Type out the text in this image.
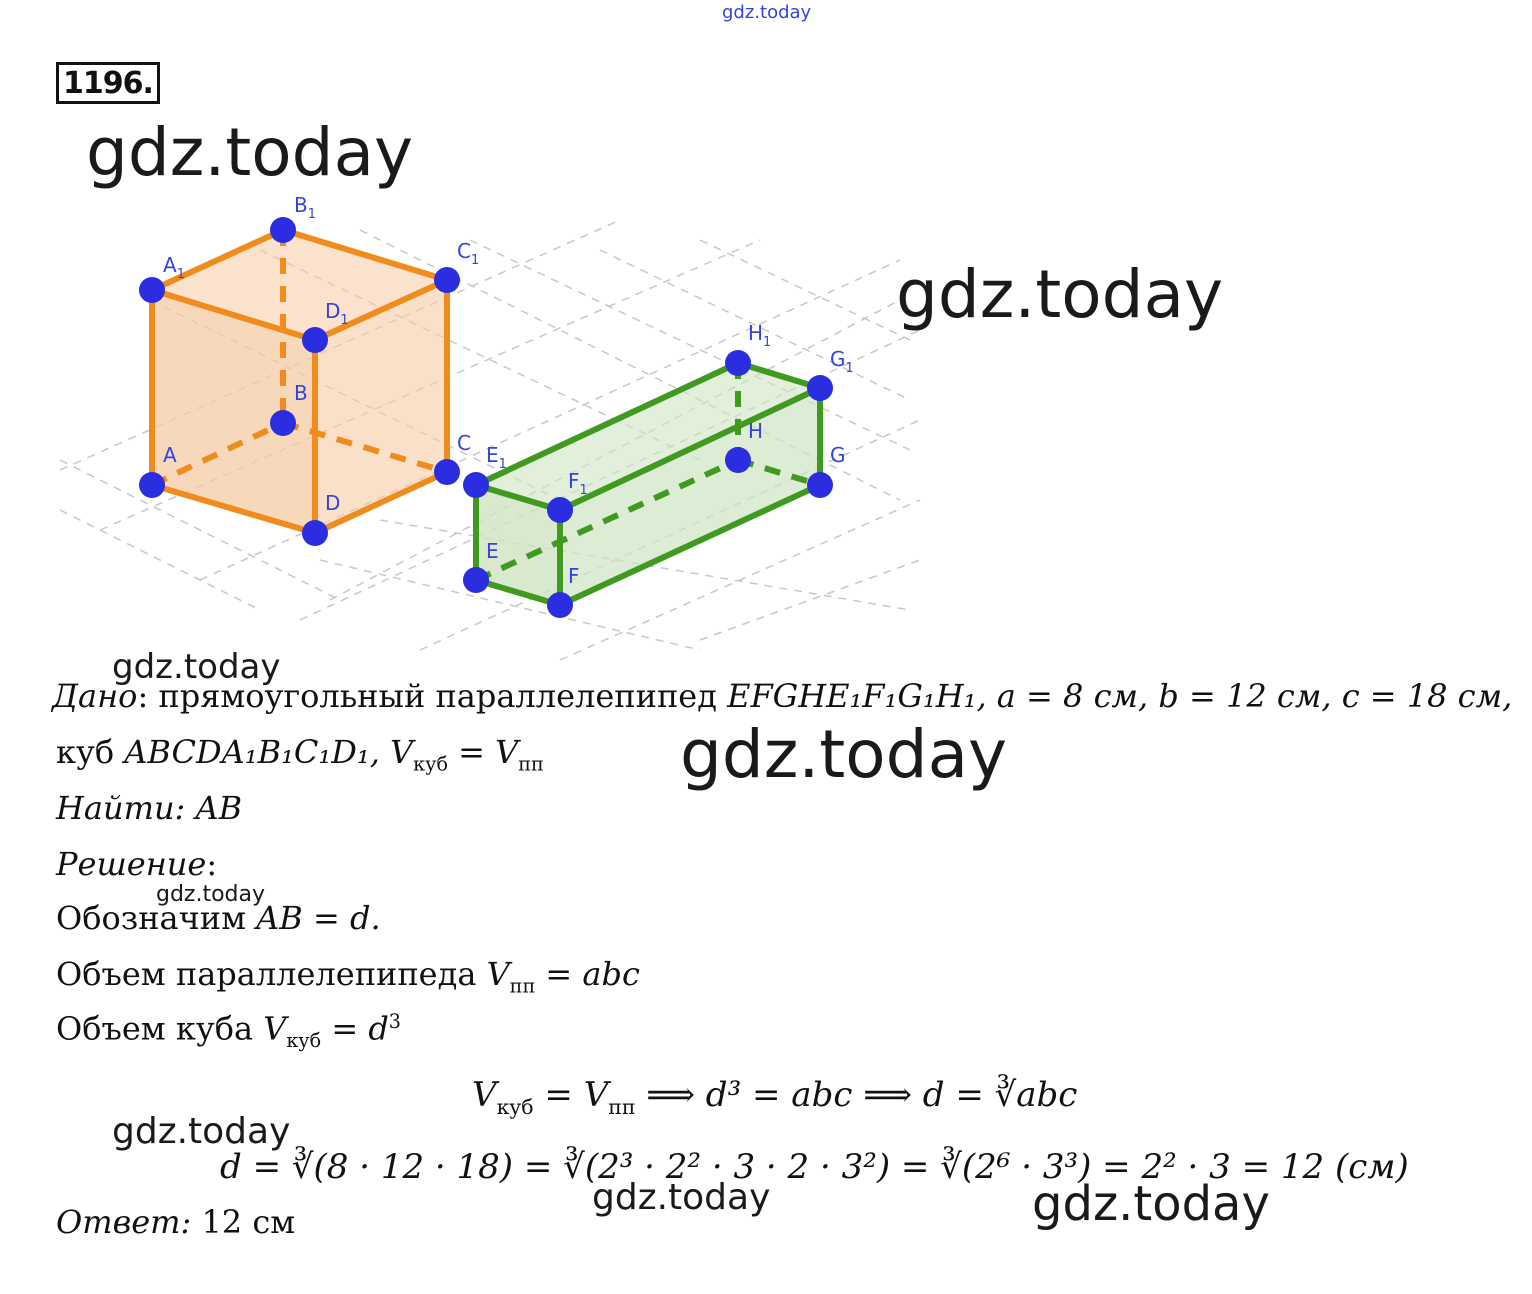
$A_1$
$B_1$
$C_1$
$D_1$
A
B
C
D
$E_1$
$H_1$
$G_1$
$F_1$
E
H
G
F
gdz.today
gdz.today
gdz.today
gdz.today
gdz.today
gdz.today
gdz.today
gdz.today	gdz.today
1196.
Дано: прямоугольный параллелепипед EFGHE₁F₁G₁H₁, a = 8 см, b = 12 см, c = 18 см,
куб ABCDA₁B₁C₁D₁, $V_{куб} = V_{пп}$
Найти: AB
Решение:
Обозначим AB = d.
Объем параллелепипеда $V_{пп}$ = abc
Объем куба $V_{куб} = d^3$
$V_{куб} = V_{пп}$ ⟹ d³ = abc ⟹ d = ∛abc
d = ∛(8 · 12 · 18) = ∛(2³ · 2² · 3 · 2 · 3²) = ∛(2⁶ · 3³) = 2² · 3 = 12 (см)
Ответ: 12 см
